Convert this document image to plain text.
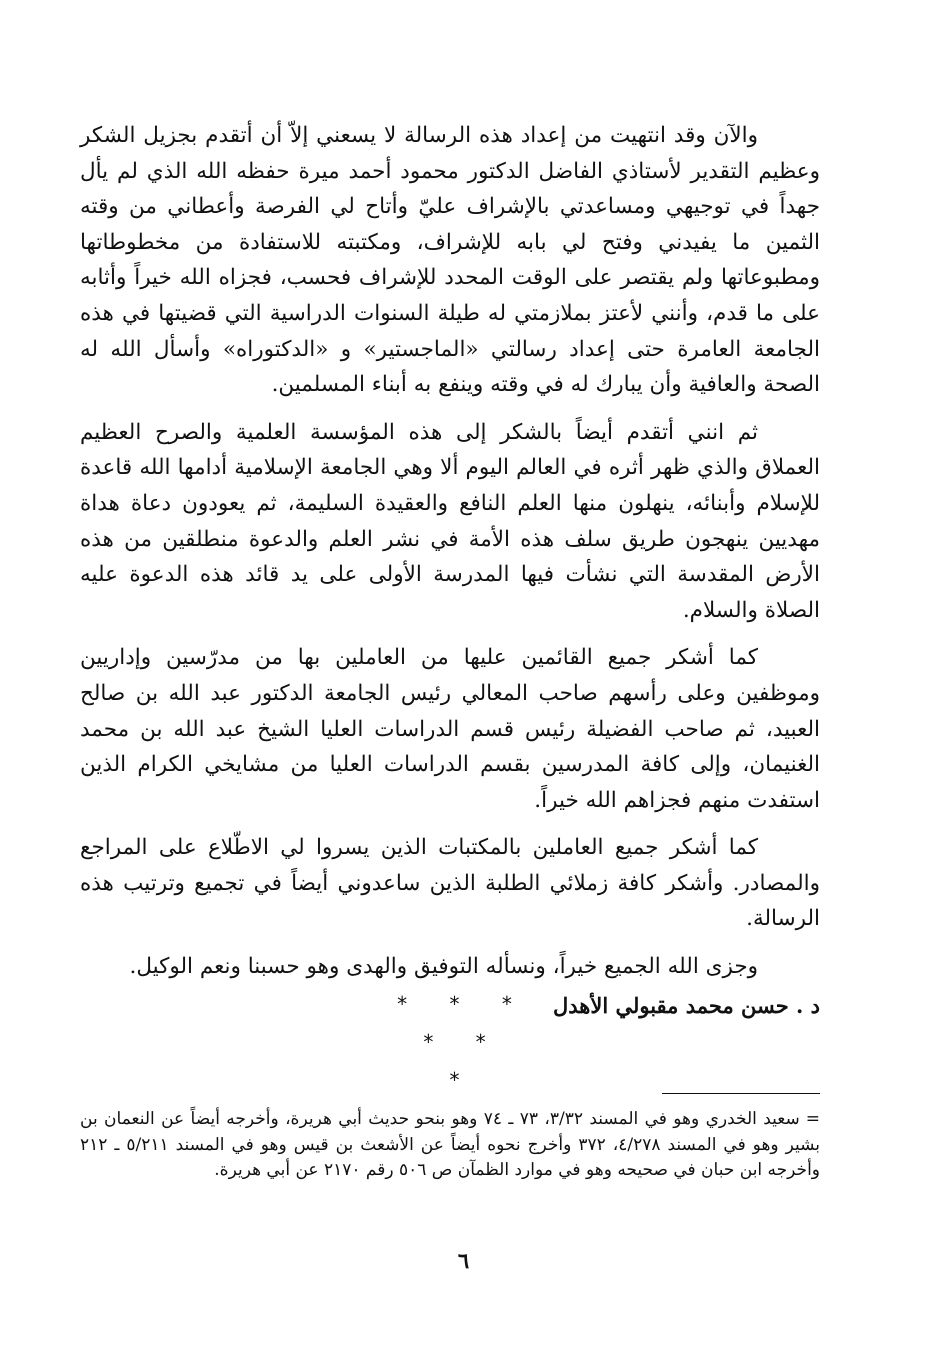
والآن وقد انتهيت من إعداد هذه الرسالة لا يسعني إلاّ أن أتقدم بجزيل الشكر وعظيم التقدير لأستاذي الفاضل الدكتور محمود أحمد ميرة حفظه الله الذي لم يأل جهداً في توجيهي ومساعدتي بالإشراف عليّ وأتاح لي الفرصة وأعطاني من وقته الثمين ما يفيدني وفتح لي بابه للإشراف، ومكتبته للاستفادة من مخطوطاتها ومطبوعاتها ولم يقتصر على الوقت المحدد للإشراف فحسب، فجزاه الله خيراً وأثابه على ما قدم، وأنني لأعتز بملازمتي له طيلة السنوات الدراسية التي قضيتها في هذه الجامعة العامرة حتى إعداد رسالتي «الماجستير» و «الدكتوراه» وأسأل الله له الصحة والعافية وأن يبارك له في وقته وينفع به أبناء المسلمين.

ثم انني أتقدم أيضاً بالشكر إلى هذه المؤسسة العلمية والصرح العظيم العملاق والذي ظهر أثره في العالم اليوم ألا وهي الجامعة الإسلامية أدامها الله قاعدة للإسلام وأبنائه، ينهلون منها العلم النافع والعقيدة السليمة، ثم يعودون دعاة هداة مهديين ينهجون طريق سلف هذه الأمة في نشر العلم والدعوة منطلقين من هذه الأرض المقدسة التي نشأت فيها المدرسة الأولى على يد قائد هذه الدعوة عليه الصلاة والسلام.

كما أشكر جميع القائمين عليها من العاملين بها من مدرّسين وإداريين وموظفين وعلى رأسهم صاحب المعالي رئيس الجامعة الدكتور عبد الله بن صالح العبيد، ثم صاحب الفضيلة رئيس قسم الدراسات العليا الشيخ عبد الله بن محمد الغنيمان، وإلى كافة المدرسين بقسم الدراسات العليا من مشايخي الكرام الذين استفدت منهم فجزاهم الله خيراً.

كما أشكر جميع العاملين بالمكتبات الذين يسروا لي الاطّلاع على المراجع والمصادر. وأشكر كافة زملائي الطلبة الذين ساعدوني أيضاً في تجميع وترتيب هذه الرسالة.

وجزى الله الجميع خيراً، ونسأله التوفيق والهدى وهو حسبنا ونعم الوكيل.
د . حسن محمد مقبولي الأهدل
* * *
* *
*
=سعيد الخدري وهو في المسند ٣/٣٢، ٧٣ ـ ٧٤ وهو بنحو حديث أبي هريرة، وأخرجه أيضاً عن النعمان بن بشير وهو في المسند ٤/٢٧٨، ٣٧٢ وأخرج نحوه أيضاً عن الأشعث بن قيس وهو في المسند ٥/٢١١ ـ ٢١٢ وأخرجه ابن حبان في صحيحه وهو في موارد الظمآن ص ٥٠٦ رقم ٢١٧٠ عن أبي هريرة.
٦
